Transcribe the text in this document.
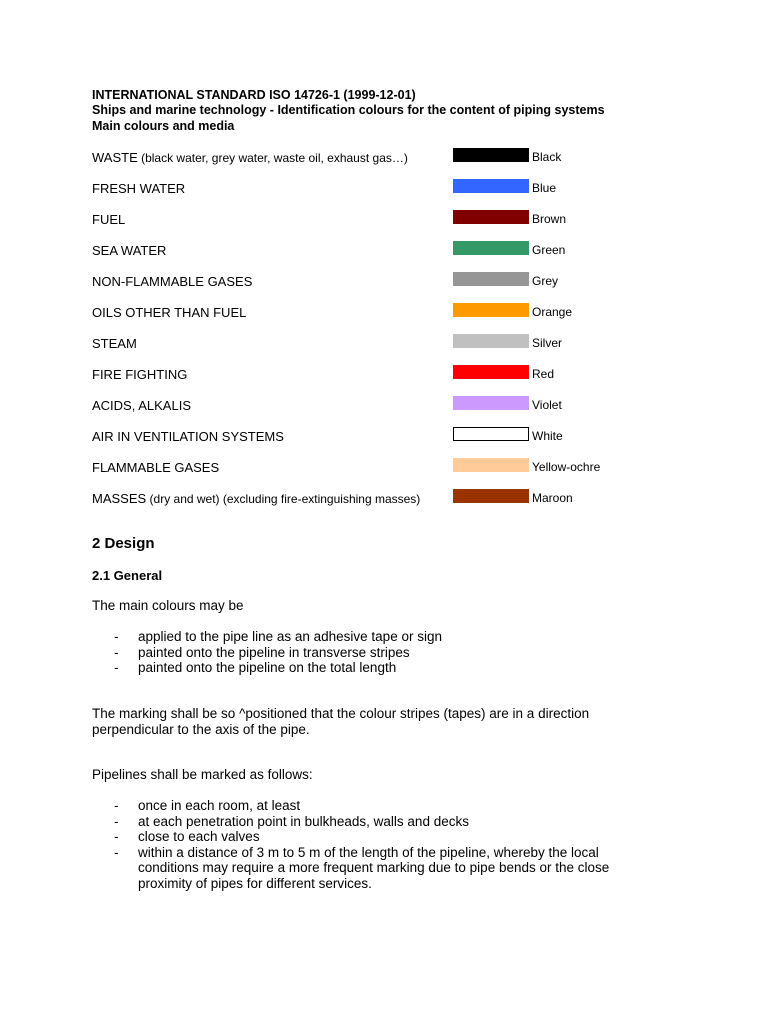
INTERNATIONAL STANDARD ISO 14726-1 (1999-12-01)
Ships and marine technology - Identification colours for the content of piping systems
Main colours and media
WASTE (black water, grey water, waste oil, exhaust gas…)	Black
FRESH WATER	Blue
FUEL	Brown
SEA WATER	Green
NON-FLAMMABLE GASES	Grey
OILS OTHER THAN FUEL	Orange
STEAM	Silver
FIRE FIGHTING	Red
ACIDS, ALKALIS	Violet
AIR IN VENTILATION SYSTEMS	White
FLAMMABLE GASES	Yellow-ochre
MASSES (dry and wet) (excluding fire-extinguishing masses)	Maroon
2 Design
2.1 General
The main colours may be
- applied to the pipe line as an adhesive tape or sign
- painted onto the pipeline in transverse stripes
- painted onto the pipeline on the total length
The marking shall be so ^positioned that the colour stripes (tapes) are in a direction
perpendicular to the axis of the pipe.
Pipelines shall be marked as follows:
- once in each room, at least
- at each penetration point in bulkheads, walls and decks
- close to each valves
- within a distance of 3 m to 5 m of the length of the pipeline, whereby the local conditions may require a more frequent marking due to pipe bends or the close proximity of pipes for different services.
